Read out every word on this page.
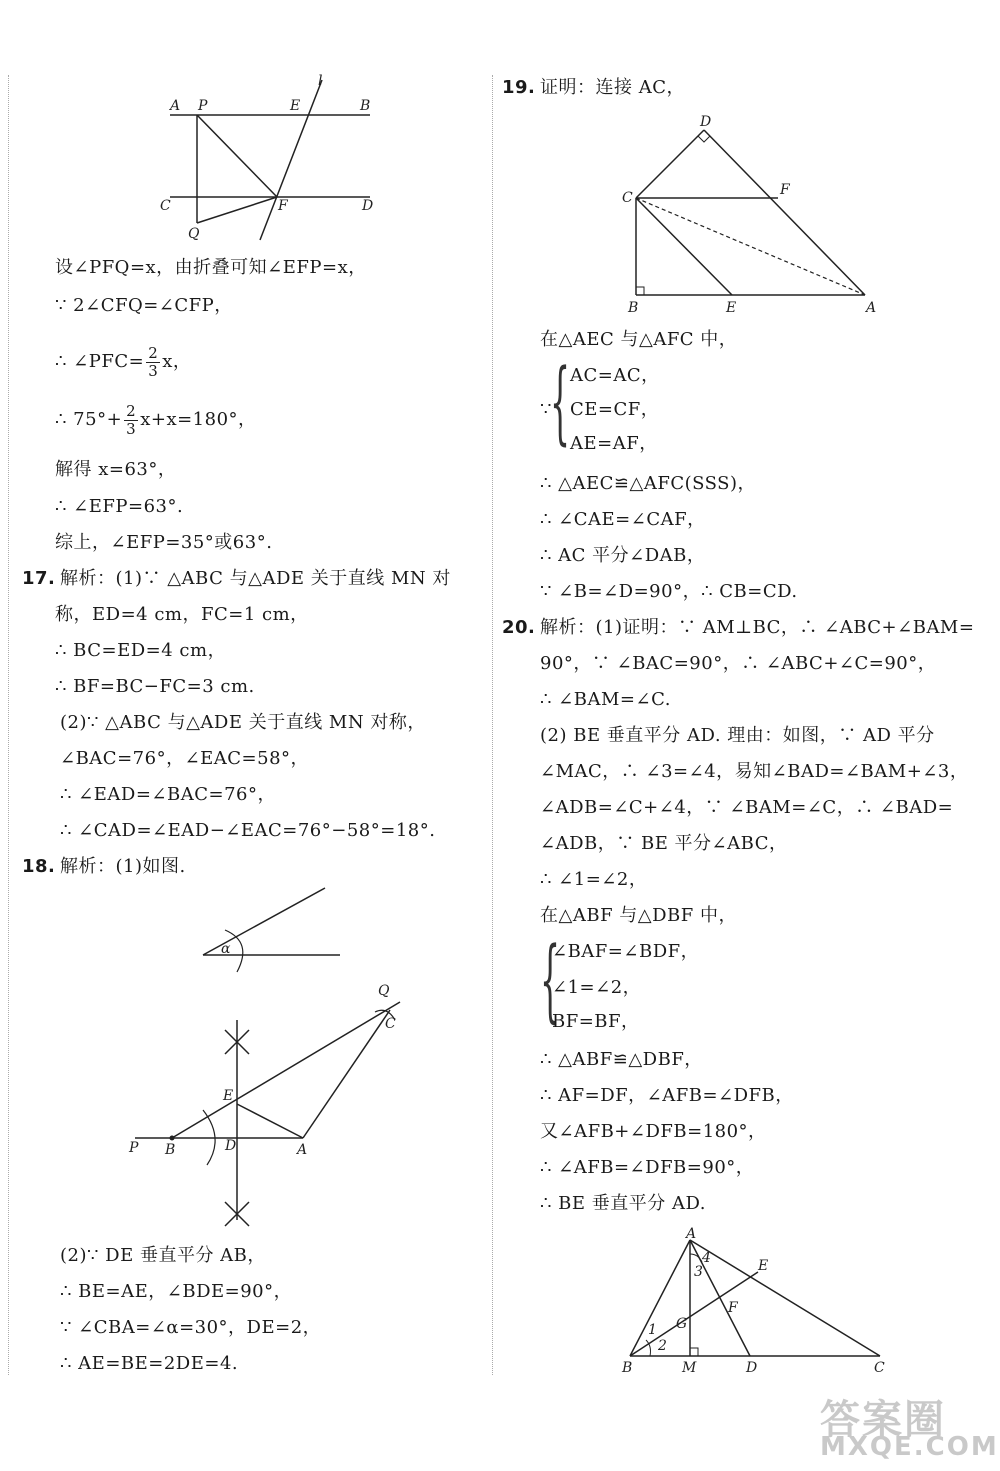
A P	E
l
B
C	F	D
Q
设∠PFQ=x，由折叠可知∠EFP=x，
∵ 2∠CFQ=∠CFP，
∴ ∠PFC= $\frac{2}{3}$ x，
∴ $75^\circ+ \frac{2}{3} x+x=180^\circ$，
解得 x=63°，
∴ ∠EFP=63°.
综上，∠EFP=35°或63°.
17. 解析：(1)∵ △ABC 与△ADE 关于直线 MN 对
称，ED=4 cm，FC=1 cm，
∴ BC=ED=4 cm，
∴ BF=BC−FC=3 cm.
(2)∵ △ABC 与△ADE 关于直线 MN 对称，
∠BAC=76°，∠EAC=58°，
∴ ∠EAD=∠BAC=76°，
∴ ∠CAD=∠EAD−∠EAC=76°−58°=18°.
18. 解析：(1)如图.
α
Q
C
E
P B	D	A
(2)∵ DE 垂直平分 AB，
∴ BE=AE，∠BDE=90°，
∵ ∠CBA=∠α=30°，DE=2，
∴ AE=BE=2DE=4.
19. 证明：连接 AC，
D
C	F
B	E	A
在△AEC 与△AFC 中，
∵
{ AC=AC，
CE=CF，
AE=AF，
∴ △AEC≌△AFC(SSS)，
∴ ∠CAE=∠CAF，
∴ AC 平分∠DAB，
∵ ∠B=∠D=90°，∴ CB=CD.
20. 解析：(1)证明：∵ AM⊥BC，∴ ∠ABC+∠BAM=
90°，∵ ∠BAC=90°，∴ ∠ABC+∠C=90°，
∴ ∠BAM=∠C.
(2) BE 垂直平分 AD. 理由：如图，∵ AD 平分
∠MAC，∴ ∠3=∠4，易知∠BAD=∠BAM+∠3，
∠ADB=∠C+∠4，∵ ∠BAM=∠C，∴ ∠BAD=
∠ADB，∵ BE 平分∠ABC，
∴ ∠1=∠2，
在△ABF 与△DBF 中，
{
∠BAF=∠BDF，
∠1=∠2，
BF=BF，
∴ △ABF≌△DBF，
∴ AF=DF，∠AFB=∠DFB，
又∠AFB+∠DFB=180°，
∴ ∠AFB=∠DFB=90°，
∴ BE 垂直平分 AD.
A
4
3	E
G
F
1
2
B	M	D	C
答案圈
MXQE.COM
